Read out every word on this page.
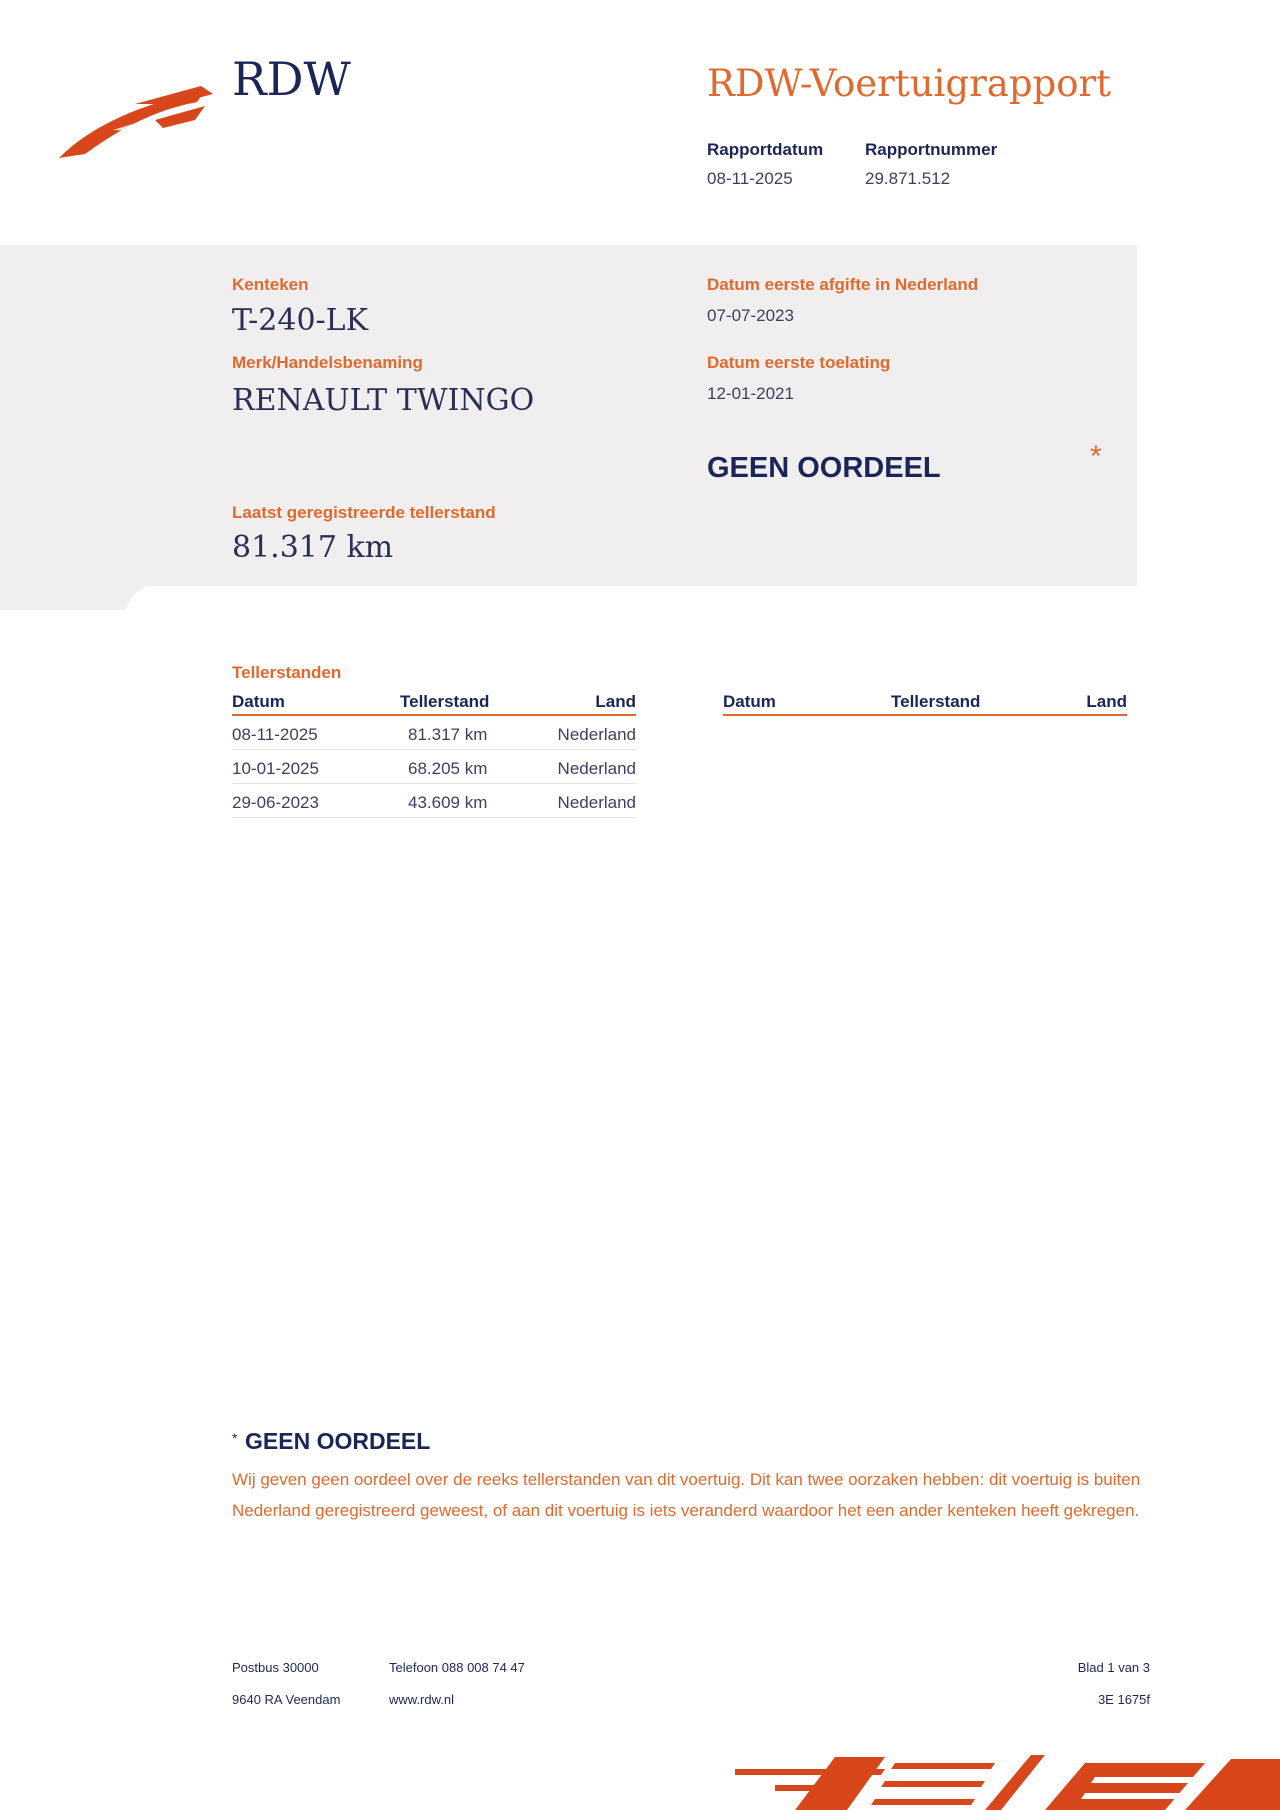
RDW	RDW-Voertuigrapport
Rapportdatum
08-11-2025
Rapportnummer
29.871.512
Kenteken
T-240-LK
Merk/Handelsbenaming
RENAULT TWINGO
Datum eerste afgifte in Nederland
07-07-2023
Datum eerste toelating
12-01-2021
GEEN OORDEEL	*
Laatst geregistreerde tellerstand
81.317 km
Tellerstanden
Datum	Tellerstand	Land
08-11-2025	81.317 km	Nederland
10-01-2025	68.205 km	Nederland
29-06-2023	43.609 km	Nederland
Datum	Tellerstand	Land
* GEEN OORDEEL
Wij geven geen oordeel over de reeks tellerstanden van dit voertuig. Dit kan twee oorzaken hebben: dit voertuig is buiten Nederland geregistreerd geweest, of aan dit voertuig is iets veranderd waardoor het een ander kenteken heeft gekregen.
Postbus 30000
9640 RA Veendam
Telefoon 088 008 74 47
www.rdw.nl
Blad 1 van 3
3E 1675f
